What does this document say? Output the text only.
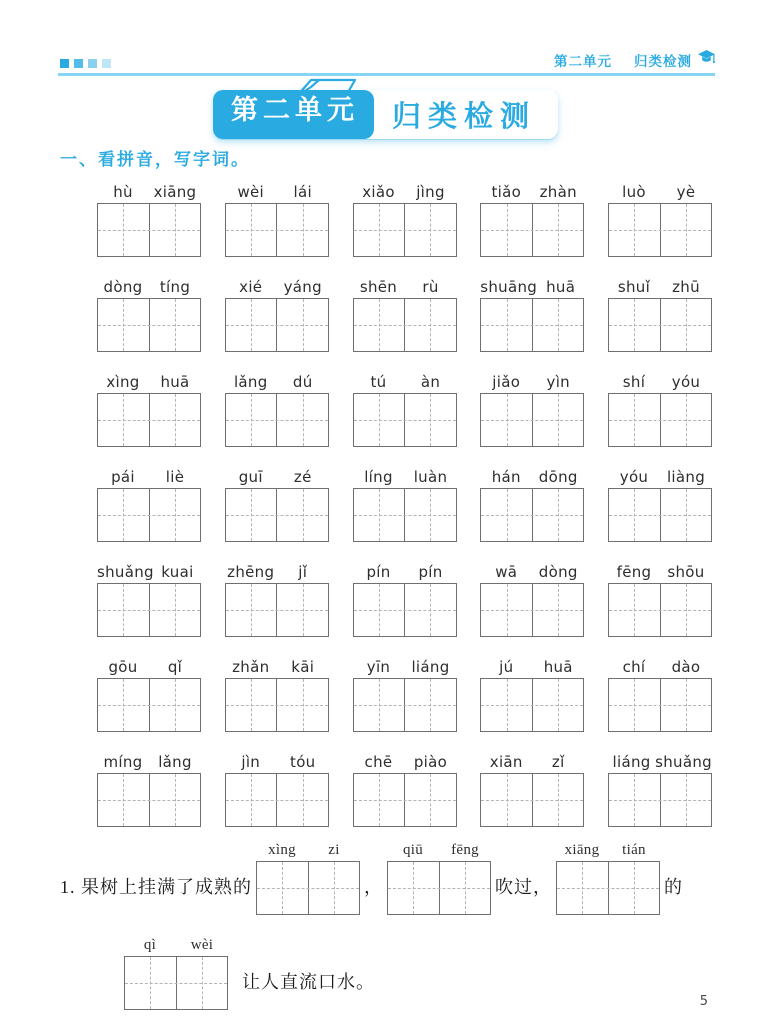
第二单元 归类检测
第二单元	归类检测
一、看拼音，写字词。
hù	xiāng	wèi	lái	xiǎo	jìng	tiǎo	zhàn	luò	yè
dòng	tíng	xié	yáng	shēn	rù	shuāng huā	shuǐ	zhū
xìng	huā	lǎng	dú	tú	àn	jiǎo	yìn	shí	yóu
pái	liè	guī	zé	líng	luàn	hán	dōng	yóu	liàng
shuǎng kuai	zhēng	jǐ	pín	pín	wā	dòng	fēng	shōu
gōu	qǐ	zhǎn	kāi	yīn	liáng	jú	huā	chí	dào
míng	lǎng	jìn	tóu	chē	piào	xiān	zǐ	liáng shuǎng
1. 果树上挂满了成熟的
xìng	zi
，
qiū	fēng
吹过，
xiāng	tián
的
qì	wèi
让人直流口水。
5
